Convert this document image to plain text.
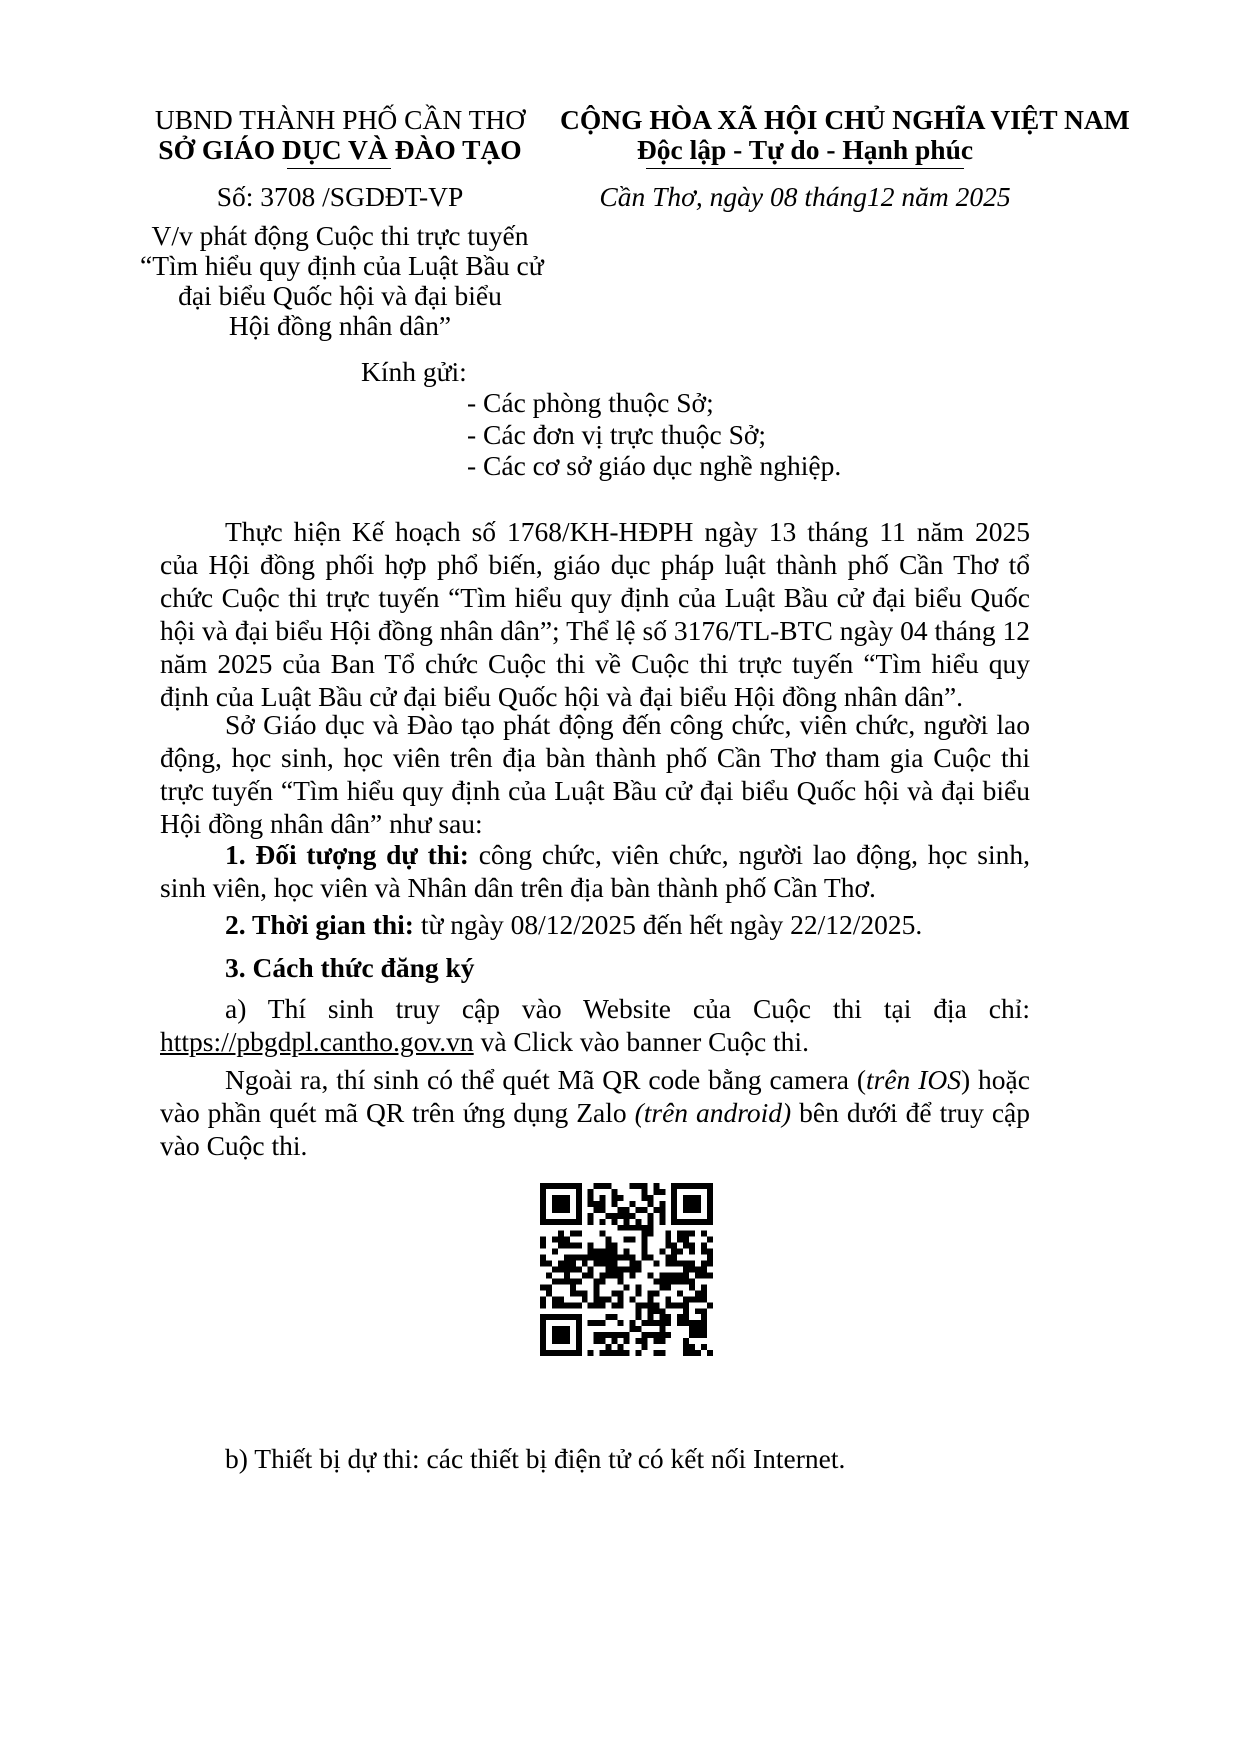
UBND THÀNH PHỐ CẦN THƠ
SỞ GIÁO DỤC VÀ ĐÀO TẠO
Số: 3708 /SGDĐT-VP
V/v phát động Cuộc thi trực tuyến
“Tìm hiểu quy định của Luật Bầu cử
đại biểu Quốc hội và đại biểu
Hội đồng nhân dân”
CỘNG HÒA XÃ HỘI CHỦ NGHĨA VIỆT NAM
Độc lập - Tự do - Hạnh phúc
Cần Thơ, ngày 08 tháng12 năm 2025
Kính gửi:
- Các phòng thuộc Sở;
- Các đơn vị trực thuộc Sở;
- Các cơ sở giáo dục nghề nghiệp.
Thực hiện Kế hoạch số 1768/KH-HĐPH ngày 13 tháng 11 năm 2025 của Hội đồng phối hợp phổ biến, giáo dục pháp luật thành phố Cần Thơ tổ chức Cuộc thi trực tuyến “Tìm hiểu quy định của Luật Bầu cử đại biểu Quốc hội và đại biểu Hội đồng nhân dân”; Thể lệ số 3176/TL-BTC ngày 04 tháng 12 năm 2025 của Ban Tổ chức Cuộc thi về Cuộc thi trực tuyến “Tìm hiểu quy định của Luật Bầu cử đại biểu Quốc hội và đại biểu Hội đồng nhân dân”.
Sở Giáo dục và Đào tạo phát động đến công chức, viên chức, người lao động, học sinh, học viên trên địa bàn thành phố Cần Thơ tham gia Cuộc thi trực tuyến “Tìm hiểu quy định của Luật Bầu cử đại biểu Quốc hội và đại biểu Hội đồng nhân dân” như sau:
1. Đối tượng dự thi: công chức, viên chức, người lao động, học sinh, sinh viên, học viên và Nhân dân trên địa bàn thành phố Cần Thơ.
2. Thời gian thi: từ ngày 08/12/2025 đến hết ngày 22/12/2025.
3. Cách thức đăng ký
a) Thí sinh truy cập vào Website của Cuộc thi tại địa chỉ: https://pbgdpl.cantho.gov.vn và Click vào banner Cuộc thi.
Ngoài ra, thí sinh có thể quét Mã QR code bằng camera (trên IOS) hoặc vào phần quét mã QR trên ứng dụng Zalo (trên android) bên dưới để truy cập vào Cuộc thi.
b) Thiết bị dự thi: các thiết bị điện tử có kết nối Internet.
